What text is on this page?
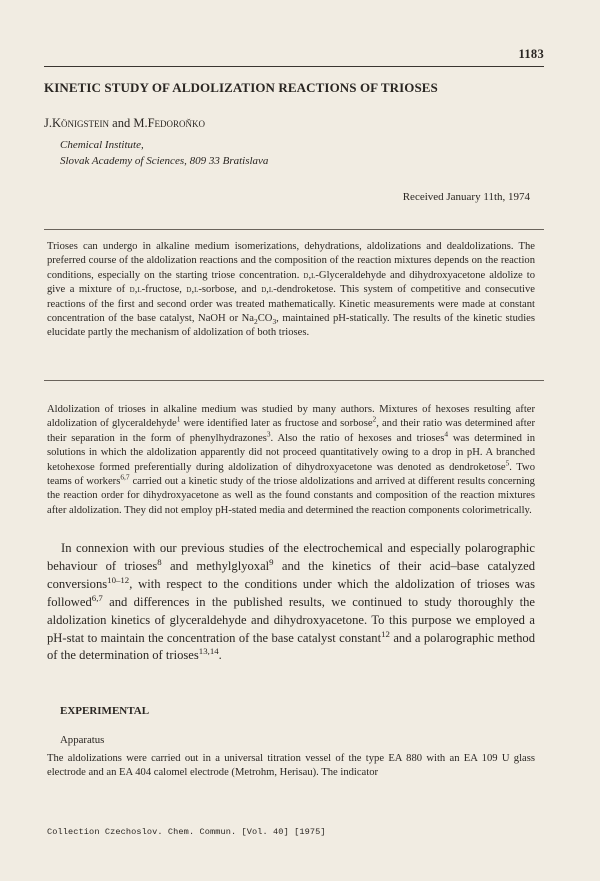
1183
KINETIC STUDY OF ALDOLIZATION REACTIONS OF TRIOSES
J.Königstein and M.Fedoroňko
Chemical Institute,
Slovak Academy of Sciences, 809 33 Bratislava
Received January 11th, 1974
Trioses can undergo in alkaline medium isomerizations, dehydrations, aldolizations and dealdolizations. The preferred course of the aldolization reactions and the composition of the reaction mixtures depends on the reaction conditions, especially on the starting triose concentration. d,l-Glyceraldehyde and dihydroxyacetone aldolize to give a mixture of d,l-fructose, d,l-sorbose, and d,l-dendroketose. This system of competitive and consecutive reactions of the first and second order was treated mathematically. Kinetic measurements were made at constant concentration of the base catalyst, NaOH or $Na_2CO_3$, maintained pH-statically. The results of the kinetic studies elucidate partly the mechanism of aldolization of both trioses.
Aldolization of trioses in alkaline medium was studied by many authors. Mixtures of hexoses resulting after aldolization of glyceraldehyde$^1$ were identified later as fructose and sorbose$^2$, and their ratio was determined after their separation in the form of phenylhydrazones$^3$. Also the ratio of hexoses and trioses$^4$ was determined in solutions in which the aldolization apparently did not proceed quantitatively owing to a drop in pH. A branched ketohexose formed preferentially during aldolization of dihydroxyacetone was denoted as dendroketose$^5$. Two teams of workers$^{6,7}$ carried out a kinetic study of the triose aldolizations and arrived at different results concerning the reaction order for dihydroxyacetone as well as the found constants and composition of the reaction mixtures after aldolization. They did not employ pH-stated media and determined the reaction components colorimetrically.
In connexion with our previous studies of the electrochemical and especially polarographic behaviour of trioses$^8$ and methylglyoxal$^9$ and the kinetics of their acid–base catalyzed conversions$^{10-12}$, with respect to the conditions under which the aldolization of trioses was followed$^{6,7}$ and differences in the published results, we continued to study thoroughly the aldolization kinetics of glyceraldehyde and dihydroxyacetone. To this purpose we employed a pH-stat to maintain the concentration of the base catalyst constant$^{12}$ and a polarographic method of the determination of trioses$^{13,14}$.
EXPERIMENTAL
Apparatus
The aldolizations were carried out in a universal titration vessel of the type EA 880 with an EA 109 U glass electrode and an EA 404 calomel electrode (Metrohm, Herisau). The indicator
Collection Czechoslov. Chem. Commun. [Vol. 40] [1975]
